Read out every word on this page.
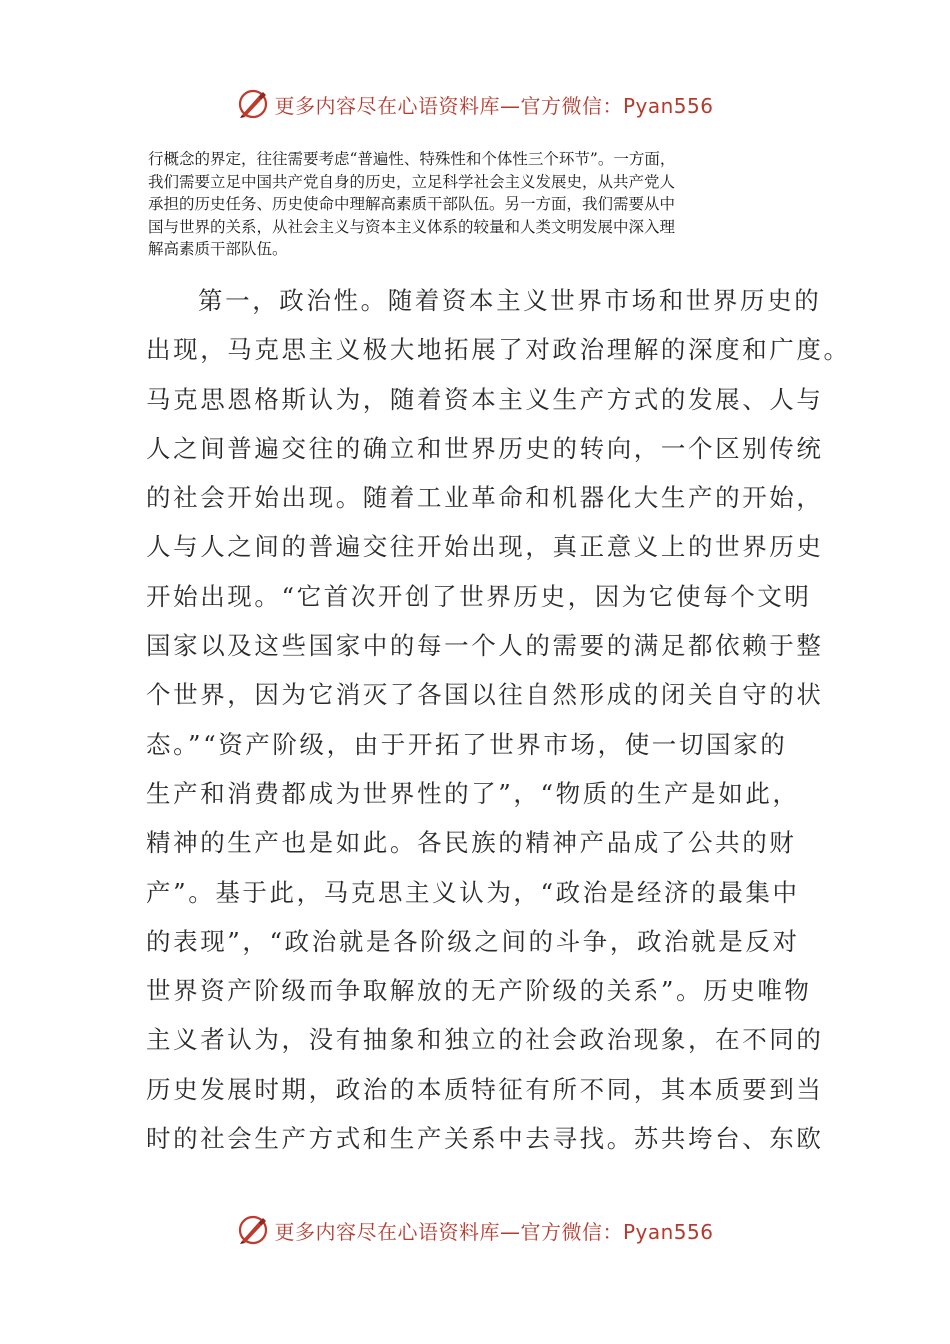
更多内容尽在心语资料库—官方微信：Pyan556
行概念的界定，往往需要考虑“普遍性、特殊性和个体性三个环节”。一方面，
我们需要立足中国共产党自身的历史，立足科学社会主义发展史，从共产党人
承担的历史任务、历史使命中理解高素质干部队伍。另一方面，我们需要从中
国与世界的关系，从社会主义与资本主义体系的较量和人类文明发展中深入理
解高素质干部队伍。
第一，政治性。随着资本主义世界市场和世界历史的
出现，马克思主义极大地拓展了对政治理解的深度和广度。
马克思恩格斯认为，随着资本主义生产方式的发展、人与
人之间普遍交往的确立和世界历史的转向，一个区别传统
的社会开始出现。随着工业革命和机器化大生产的开始，
人与人之间的普遍交往开始出现，真正意义上的世界历史
开始出现。“它首次开创了世界历史，因为它使每个文明
国家以及这些国家中的每一个人的需要的满足都依赖于整
个世界，因为它消灭了各国以往自然形成的闭关自守的状
态。”“资产阶级，由于开拓了世界市场，使一切国家的
生产和消费都成为世界性的了”，“物质的生产是如此，
精神的生产也是如此。各民族的精神产品成了公共的财
产”。基于此，马克思主义认为，“政治是经济的最集中
的表现”，“政治就是各阶级之间的斗争，政治就是反对
世界资产阶级而争取解放的无产阶级的关系”。历史唯物
主义者认为，没有抽象和独立的社会政治现象，在不同的
历史发展时期，政治的本质特征有所不同，其本质要到当
时的社会生产方式和生产关系中去寻找。苏共垮台、东欧
更多内容尽在心语资料库—官方微信：Pyan556
